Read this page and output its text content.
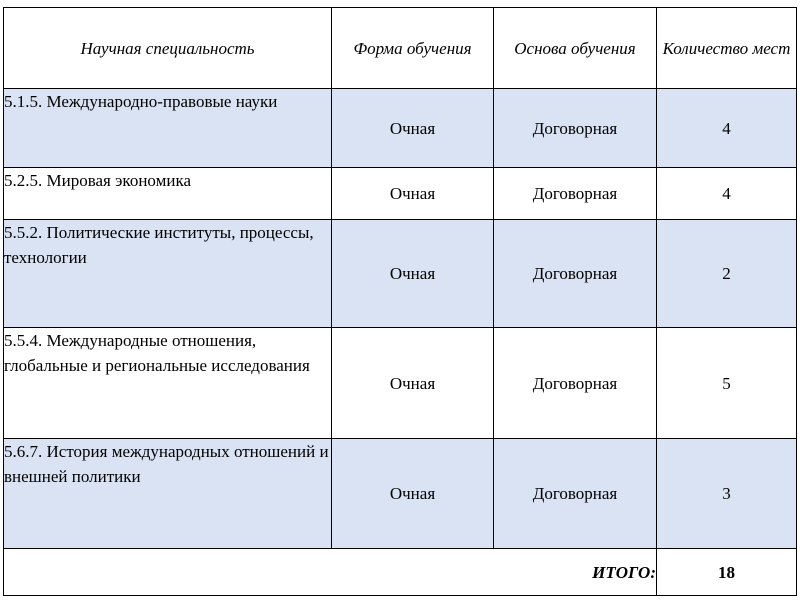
Научная специальность	Форма обучения	Основа обучения	Количество мест
5.1.5. Международно-правовые науки	Очная	Договорная	4
5.2.5. Мировая экономика	Очная	Договорная	4
5.5.2. Политические институты, процессы, технологии	Очная	Договорная	2
5.5.4. Международные отношения, глобальные и региональные исследования	Очная	Договорная	5
5.6.7. История международных отношений и внешней политики	Очная	Договорная	3
ИТОГО:			18
